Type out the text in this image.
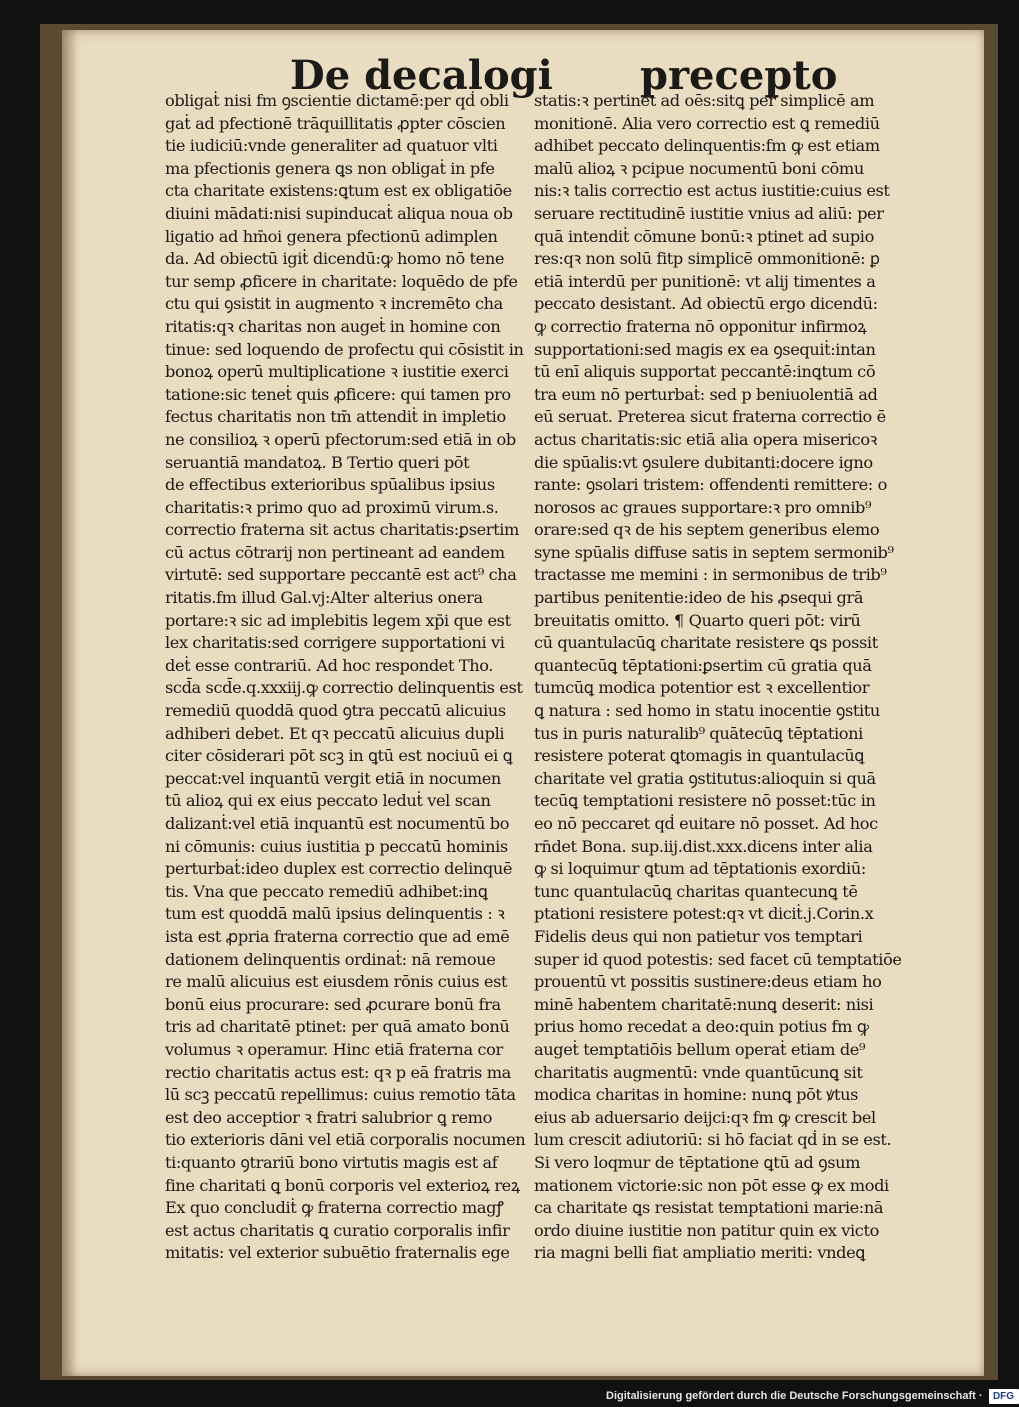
De decalogi precepto
obligaṫ nisi fm ꝯscientie dictamē:per qḋ obli
gaṫ ad pfectionē trāquillitatis ꝓpter cōscien
tie iudiciū:vnde generaliter ad quatuor vlti
ma pfectionis genera ꝗs non obligaṫ in pfe
cta charitate existens:ꝗtum est ex obligatiōe
diuini mādati:nisi supinducaṫ aliqua noua ob
ligatio ad hm̄oi genera pfectionū adimplen
da. Ad obiectū igiṫ dicendū:ꝙ homo nō tene
tur semp ꝓficere in charitate: loquēdo de pfe
ctu qui ꝯsistit in augmento ꝛ incremēto cha
ritatis:qꝛ charitas non augeṫ in homine con
tinue: sed loquendo de profectu qui cōsistit in
bonoꝝ operū multiplicatione ꝛ iustitie exerci
tatione:sic teneṫ quis ꝓficere: qui tamen pro
fectus charitatis non tm̄ attendiṫ in impletio
ne consilioꝝ ꝛ operū pfectorum:sed etiā in ob
seruantiā mandatoꝝ. B Tertio queri pōt
de effectibus exterioribus spūalibus ipsius
charitatis:ꝛ primo quo ad proximū virum.s.
correctio fraterna sit actus charitatis:ꝑsertim
cū actus cōtrarij non pertineant ad eandem
virtutē: sed supportare peccantē est act⁹ cha
ritatis.fm illud Gal.vj:Alter alterius onera
portare:ꝛ sic ad implebitis legem xp̄i que est
lex charitatis:sed corrigere supportationi vi
deṫ esse contrariū. Ad hoc respondet Tho.
scd̄a scd̄e.q.xxxiij.ꝙ correctio delinquentis est
remediū quoddā quod ꝯtra peccatū alicuius
adhiberi debet. Et qꝛ peccatū alicuius dupli
citer cōsiderari pōt scꝫ in ꝗtū est nociuū ei ꝗ
peccat:vel inquantū vergit etiā in nocumen
tū alioꝝ qui ex eius peccato leduṫ vel scan
dalizanṫ:vel etiā inquantū est nocumentū bo
ni cōmunis: cuius iustitia p peccatū hominis
perturbaṫ:ideo duplex est correctio delinquē
tis. Vna que peccato remediū adhibet:inꝗ
tum est quoddā malū ipsius delinquentis : ꝛ
ista est ꝓpria fraterna correctio que ad emē
dationem delinquentis ordinaṫ: nā remoue
re malū alicuius est eiusdem rōnis cuius est
bonū eius procurare: sed ꝓcurare bonū fra
tris ad charitatē ptinet: per quā amato bonū
volumus ꝛ operamur. Hinc etiā fraterna cor
rectio charitatis actus est: qꝛ p eā fratris ma
lū scꝫ peccatū repellimus: cuius remotio tāta
est deo acceptior ꝛ fratri salubrior ꝗ remo
tio exterioris dāni vel etiā corporalis nocumen
ti:quanto ꝯtrariū bono virtutis magis est af
fine charitati ꝗ bonū corporis vel exterioꝝ reꝝ
Ex quo concludiṫ ꝙ fraterna correctio magꝭ
est actus charitatis ꝗ curatio corporalis infir
mitatis: vel exterior subuētio fraternalis ege
statis:ꝛ pertinet ad oēs:sitꝗ per simplicē am
monitionē. Alia vero correctio est ꝗ remediū
adhibet peccato delinquentis:fm ꝙ est etiam
malū alioꝝ ꝛ pcipue nocumentū boni cōmu
nis:ꝛ talis correctio est actus iustitie:cuius est
seruare rectitudinē iustitie vnius ad aliū: per
quā intendiṫ cōmune bonū:ꝛ ptinet ad supio
res:qꝛ non solū fitp simplicē ommonitionē: ꝑ
etiā interdū per punitionē: vt alij timentes a
peccato desistant. Ad obiectū ergo dicendū:
ꝙ correctio fraterna nō opponitur infirmoꝝ
supportationi:sed magis ex ea ꝯsequiṫ:intan
tū enī aliquis supportat peccantē:inꝗtum cō
tra eum nō perturbaṫ: sed p beniuolentiā ad
eū seruat. Preterea sicut fraterna correctio ē
actus charitatis:sic etiā alia opera misericoꝛ
die spūalis:vt ꝯsulere dubitanti:docere igno
rante: ꝯsolari tristem: offendenti remittere: o
norosos ac graues supportare:ꝛ pro omnib⁹
orare:sed qꝛ de his septem generibus elemo
syne spūalis diffuse satis in septem sermonib⁹
tractasse me memini : in sermonibus de trib⁹
partibus penitentie:ideo de his ꝓsequi grā
breuitatis omitto. ¶ Quarto queri pōt: virū
cū quantulacūꝗ charitate resistere ꝗs possit
quantecūꝗ tēptationi:ꝑsertim cū gratia quā
tumcūꝗ modica potentior est ꝛ excellentior
ꝗ natura : sed homo in statu inocentie ꝯstitu
tus in puris naturalib⁹ quātecūꝗ tēptationi
resistere poterat ꝗtomagis in quantulacūꝗ
charitate vel gratia ꝯstitutus:alioquin si quā
tecūꝗ temptationi resistere nō posset:tūc in
eo nō peccaret qḋ euitare nō posset. Ad hoc
rn̄det Bona. sup.iij.dist.xxx.dicens inter alia
ꝙ si loquimur ꝗtum ad tēptationis exordiū:
tunc quantulacūꝗ charitas quantecunꝗ tē
ptationi resistere potest:qꝛ vt diciṫ.j.Corin.x
Fidelis deus qui non patietur vos temptari
super id quod potestis: sed facet cū temptatiōe
prouentū vt possitis sustinere:deus etiam ho
minē habentem charitatē:nunꝗ deserit: nisi
prius homo recedat a deo:quin potius fm ꝙ
augeṫ temptatiōis bellum operaṫ etiam de⁹
charitatis augmentū: vnde quantūcunꝗ sit
modica charitas in homine: nunꝗ pōt ꝟtus
eius ab aduersario deijci:qꝛ fm ꝙ crescit bel
lum crescit adiutoriū: si hō faciat qḋ in se est.
Si vero loqmur de tēptatione ꝗtū ad ꝯsum
mationem victorie:sic non pōt esse ꝙ ex modi
ca charitate ꝗs resistat temptationi marie:nā
ordo diuine iustitie non patitur quin ex victo
ria magni belli fiat ampliatio meriti: vndeꝗ
Digitalisierung gefördert durch die Deutsche Forschungsgemeinschaft · DFG
